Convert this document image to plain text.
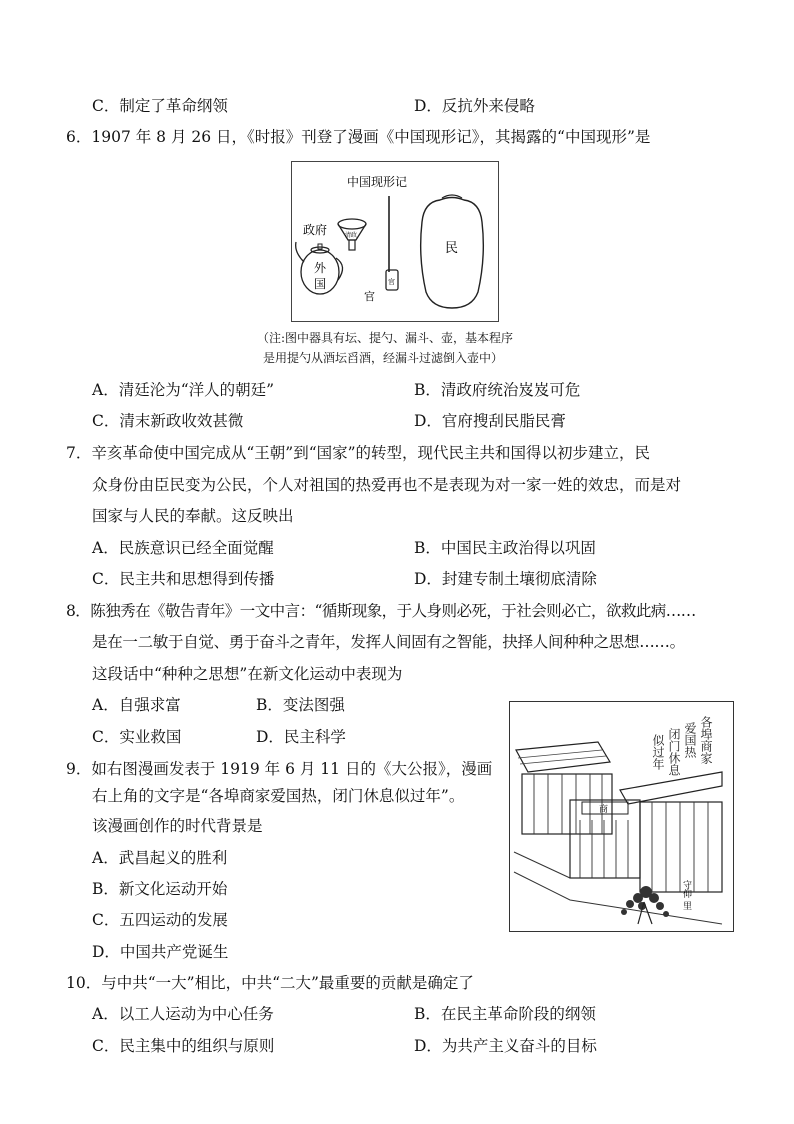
C．制定了革命纲领	D．反抗外来侵略
6．1907 年 8 月 26 日，《时报》刊登了漫画《中国现形记》，其揭露的“中国现形”是
中国现形记
清政
官
政府
外
国
官
民
（注:图中器具有坛、提勺、漏斗、壶，基本程序
是用提勺从酒坛舀酒，经漏斗过滤倒入壶中）
A．清廷沦为“洋人的朝廷”	B．清政府统治岌岌可危
C．清末新政收效甚微	D．官府搜刮民脂民膏
7．辛亥革命使中国完成从“王朝”到“国家”的转型，现代民主共和国得以初步建立，民
众身份由臣民变为公民，个人对祖国的热爱再也不是表现为对一家一姓的效忠，而是对
国家与人民的奉献。这反映出
A．民族意识已经全面觉醒	B．中国民主政治得以巩固
C．民主共和思想得到传播	D．封建专制土壤彻底清除
8．陈独秀在《敬告青年》一文中言：“循斯现象，于人身则必死，于社会则必亡，欲救此病……
是在一二敏于自觉、勇于奋斗之青年，发挥人间固有之智能，抉择人间种种之思想……。
这段话中“种种之思想”在新文化运动中表现为
A．自强求富	B．变法图强
C．实业救国	D．民主科学	各埠商家
爱国热
闭门休息
似过年
商
守仰 里
9．如右图漫画发表于 1919 年 6 月 11 日的《大公报》，漫画
右上角的文字是“各埠商家爱国热，闭门休息似过年”。
该漫画创作的时代背景是
A．武昌起义的胜利
B．新文化运动开始
C．五四运动的发展
D．中国共产党诞生
10．与中共“一大”相比，中共“二大”最重要的贡献是确定了
A．以工人运动为中心任务	B．在民主革命阶段的纲领
C．民主集中的组织与原则	D．为共产主义奋斗的目标
